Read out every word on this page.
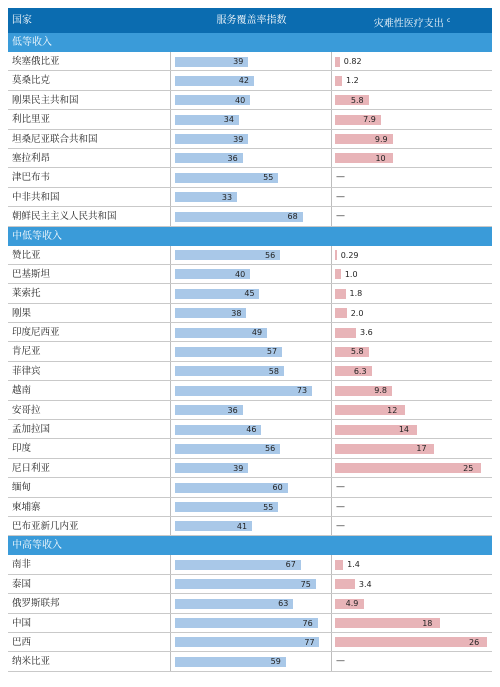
国家	服务覆盖率指数	灾难性医疗支出 $^c$
低等收入
埃塞俄比亚	39	0.82
莫桑比克	42	1.2
刚果民主共和国	40	5.8
利比里亚	34	7.9
坦桑尼亚联合共和国	39	9.9
塞拉利昂	36	10
津巴布韦	55	—
中非共和国	33	—
朝鲜民主主义人民共和国	68	—
中低等收入
赞比亚	56	0.29
巴基斯坦	40	1.0
莱索托	45	1.8
刚果	38	2.0
印度尼西亚	49	3.6
肯尼亚	57	5.8
菲律宾	58	6.3
越南	73	9.8
安哥拉	36	12
孟加拉国	46	14
印度	56	17
尼日利亚	39	25
缅甸	60	—
柬埔寨	55	—
巴布亚新几内亚	41	—
中高等收入
南非	67	1.4
泰国	75	3.4
俄罗斯联邦	63	4.9
中国	76	18
巴西	77	26
纳米比亚	59	—
